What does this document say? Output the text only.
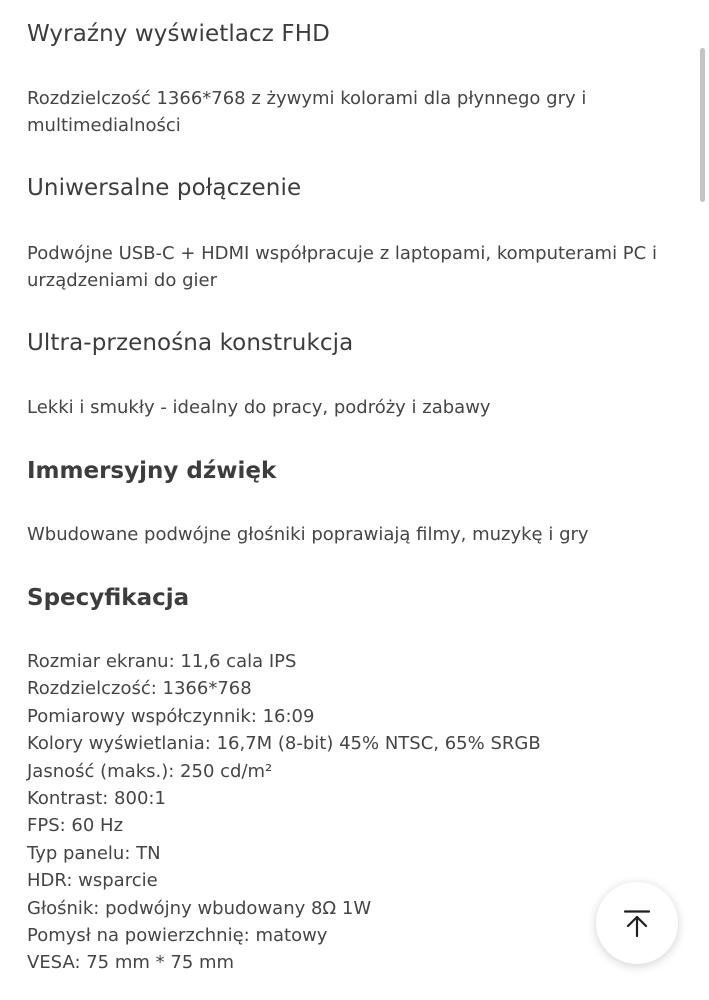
Wyraźny wyświetlacz FHD

Rozdzielczość 1366*768 z żywymi kolorami dla płynnego gry i multimedialności

Uniwersalne połączenie

Podwójne USB-C + HDMI współpracuje z laptopami, komputerami PC i urządzeniami do gier

Ultra-przenośna konstrukcja

Lekki i smukły - idealny do pracy, podróży i zabawy

Immersyjny dźwięk

Wbudowane podwójne głośniki poprawiają filmy, muzykę i gry

Specyfikacja

Rozmiar ekranu: 11,6 cala IPS

Rozdzielczość: 1366*768

Pomiarowy współczynnik: 16:09

Kolory wyświetlania: 16,7M (8-bit) 45% NTSC, 65% SRGB

Jasność (maks.): 250 cd/m²

Kontrast: 800:1

FPS: 60 Hz

Typ panelu: TN

HDR: wsparcie

Głośnik: podwójny wbudowany 8Ω 1W

Pomysł na powierzchnię: matowy

VESA: 75 mm * 75 mm
